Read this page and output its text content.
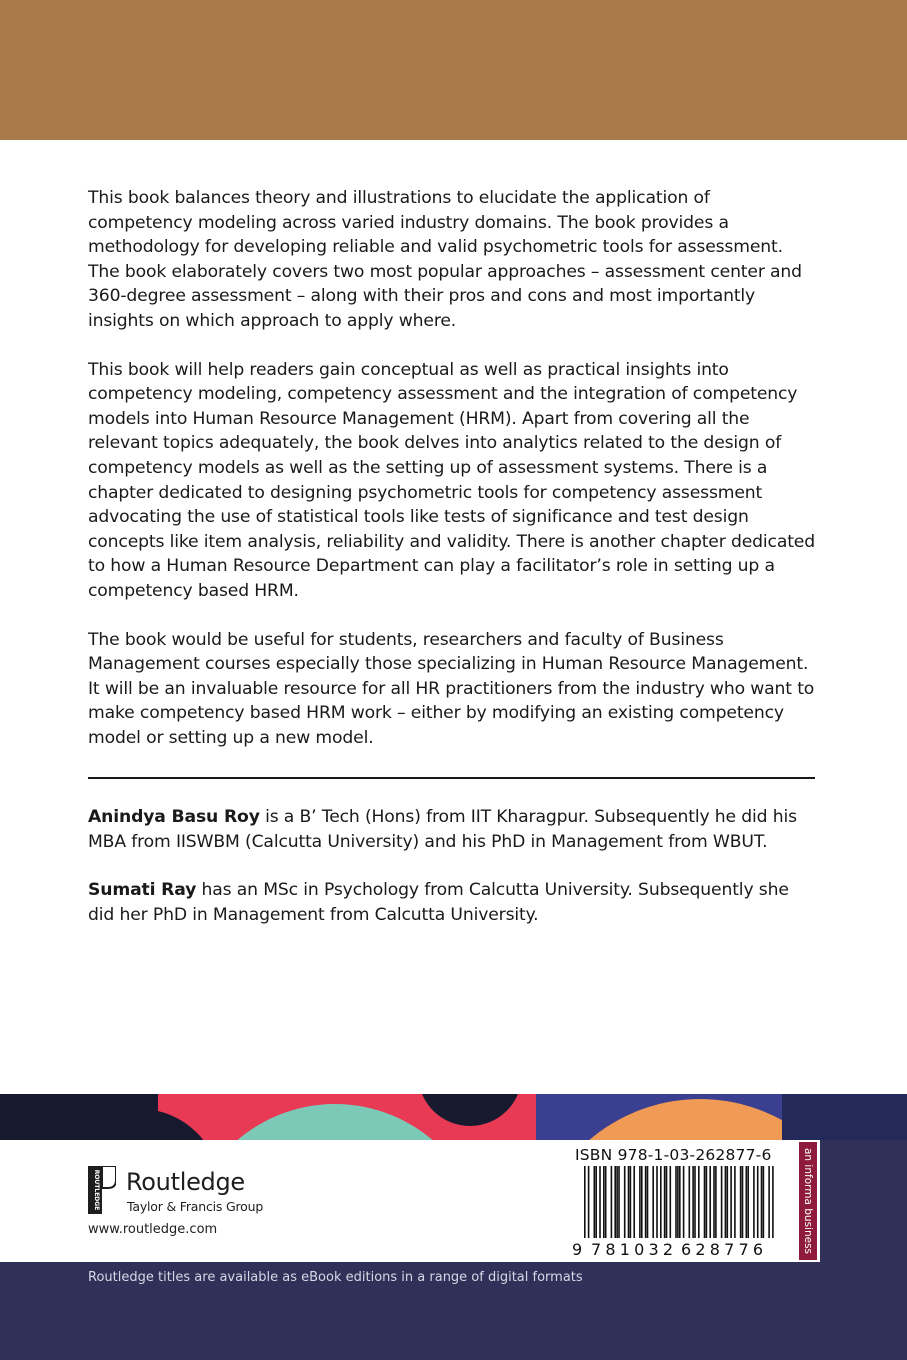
This book balances theory and illustrations to elucidate the application of competency modeling across varied industry domains. The book provides a methodology for developing reliable and valid psychometric tools for assessment. The book elaborately covers two most popular approaches – assessment center and 360-degree assessment – along with their pros and cons and most importantly insights on which approach to apply where.

This book will help readers gain conceptual as well as practical insights into competency modeling, competency assessment and the integration of competency models into Human Resource Management (HRM). Apart from covering all the relevant topics adequately, the book delves into analytics related to the design of competency models as well as the setting up of assessment systems. There is a chapter dedicated to designing psychometric tools for competency assessment advocating the use of statistical tools like tests of significance and test design concepts like item analysis, reliability and validity. There is another chapter dedicated to how a Human Resource Department can play a facilitator’s role in setting up a competency based HRM.

The book would be useful for students, researchers and faculty of Business Management courses especially those specializing in Human Resource Management. It will be an invaluable resource for all HR practitioners from the industry who want to make competency based HRM work – either by modifying an existing competency model or setting up a new model.

Anindya Basu Roy is a B’ Tech (Hons) from IIT Kharagpur. Subsequently he did his MBA from IISWBM (Calcutta University) and his PhD in Management from WBUT.

Sumati Ray has an MSc in Psychology from Calcutta University. Subsequently she did her PhD in Management from Calcutta University.

ROUTLEDGE Routledge
Taylor & Francis Group
www.routledge.com
ISBN 978-1-03-262877-6
9 781032 628776	an informa business
Routledge titles are available as eBook editions in a range of digital formats
